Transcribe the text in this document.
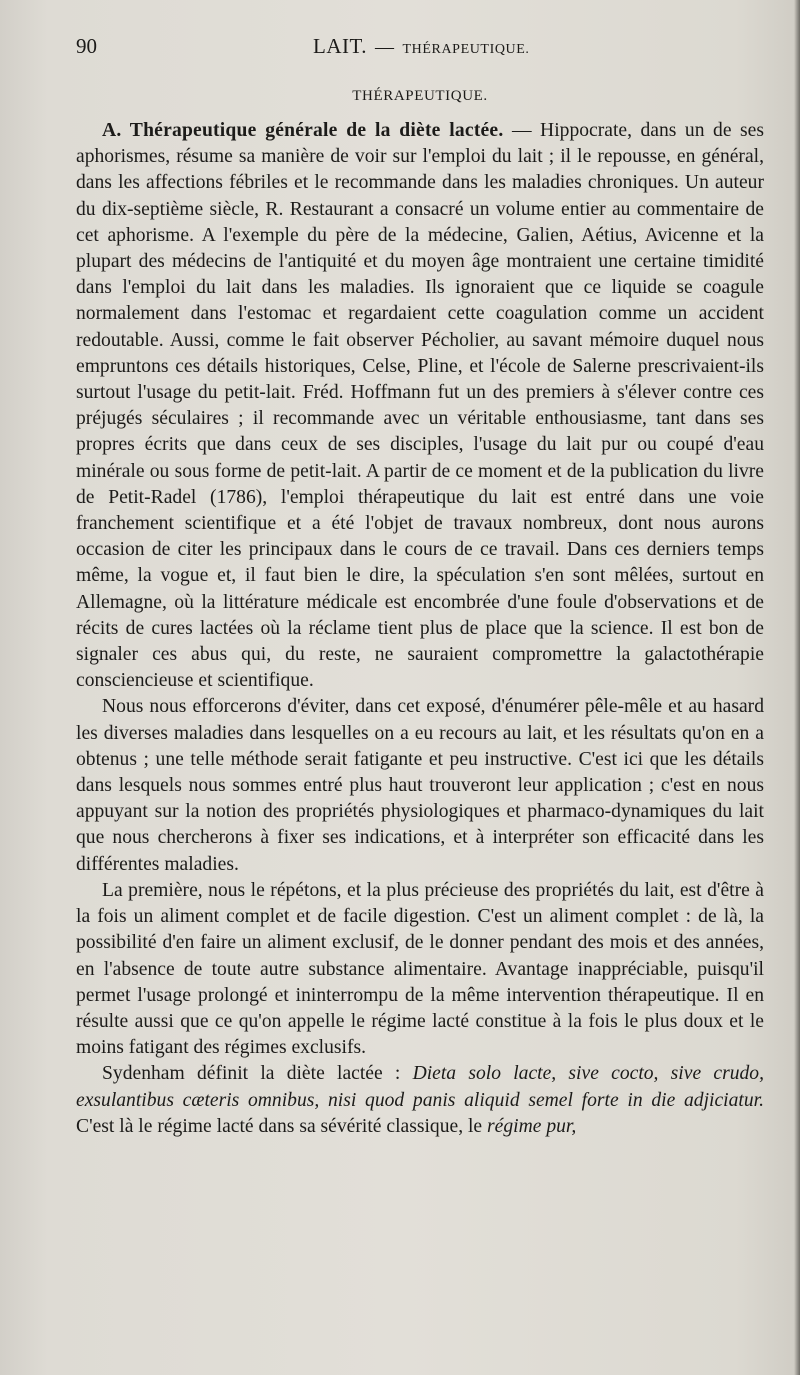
90	LAIT. — THÉRAPEUTIQUE.
THÉRAPEUTIQUE.

A. Thérapeutique générale de la diète lactée. — Hippocrate, dans un de ses aphorismes, résume sa manière de voir sur l'emploi du lait ; il le repousse, en général, dans les affections fébriles et le recommande dans les maladies chroniques. Un auteur du dix-septième siècle, R. Restaurant a consacré un volume entier au commentaire de cet aphorisme. A l'exemple du père de la médecine, Galien, Aétius, Avicenne et la plupart des médecins de l'antiquité et du moyen âge montraient une certaine timidité dans l'emploi du lait dans les maladies. Ils ignoraient que ce liquide se coagule normalement dans l'estomac et regardaient cette coagulation comme un accident redoutable. Aussi, comme le fait observer Pécholier, au savant mémoire duquel nous empruntons ces détails historiques, Celse, Pline, et l'école de Salerne prescrivaient-ils surtout l'usage du petit-lait. Fréd. Hoffmann fut un des premiers à s'élever contre ces préjugés séculaires ; il recommande avec un véritable enthousiasme, tant dans ses propres écrits que dans ceux de ses disciples, l'usage du lait pur ou coupé d'eau minérale ou sous forme de petit-lait. A partir de ce moment et de la publication du livre de Petit-Radel (1786), l'emploi thérapeutique du lait est entré dans une voie franchement scientifique et a été l'objet de travaux nombreux, dont nous aurons occasion de citer les principaux dans le cours de ce travail. Dans ces derniers temps même, la vogue et, il faut bien le dire, la spéculation s'en sont mêlées, surtout en Allemagne, où la littérature médicale est encombrée d'une foule d'observations et de récits de cures lactées où la réclame tient plus de place que la science. Il est bon de signaler ces abus qui, du reste, ne sauraient compromettre la galactothérapie consciencieuse et scientifique.

Nous nous efforcerons d'éviter, dans cet exposé, d'énumérer pêle-mêle et au hasard les diverses maladies dans lesquelles on a eu recours au lait, et les résultats qu'on en a obtenus ; une telle méthode serait fatigante et peu instructive. C'est ici que les détails dans lesquels nous sommes entré plus haut trouveront leur application ; c'est en nous appuyant sur la notion des propriétés physiologiques et pharmaco-dynamiques du lait que nous chercherons à fixer ses indications, et à interpréter son efficacité dans les différentes maladies.

La première, nous le répétons, et la plus précieuse des propriétés du lait, est d'être à la fois un aliment complet et de facile digestion. C'est un aliment complet : de là, la possibilité d'en faire un aliment exclusif, de le donner pendant des mois et des années, en l'absence de toute autre substance alimentaire. Avantage inappréciable, puisqu'il permet l'usage prolongé et ininterrompu de la même intervention thérapeutique. Il en résulte aussi que ce qu'on appelle le régime lacté constitue à la fois le plus doux et le moins fatigant des régimes exclusifs.

Sydenham définit la diète lactée : Dieta solo lacte, sive cocto, sive crudo, exsulantibus cæteris omnibus, nisi quod panis aliquid semel forte in die adjiciatur. C'est là le régime lacté dans sa sévérité classique, le régime pur,
